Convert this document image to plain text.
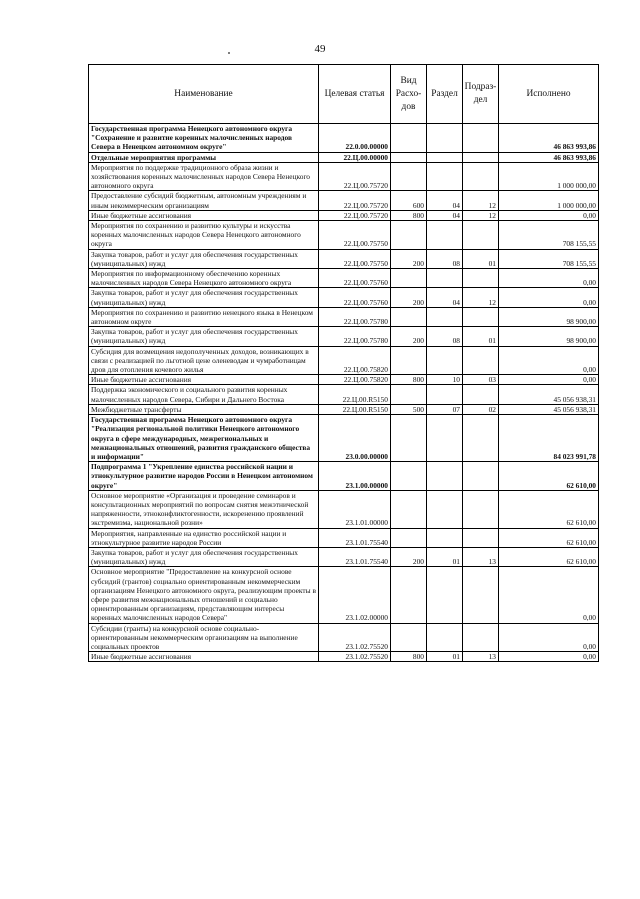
49
Наименование	Целевая статья	Вид Расхо-дов	Раздел	Подраз-дел	Исполнено
Государственная программа Ненецкого автономного округа "Сохранение и развитие коренных малочисленных народов Севера в Ненецком автономном округе"	22.0.00.00000				46 863 993,86
Отдельные мероприятия программы	22.Ц.00.00000				46 863 993,86
Мероприятия по поддержке традиционного образа жизни и хозяйствования коренных малочисленных народов Севера Ненецкого автономного округа	22.Ц.00.75720				1 000 000,00
Предоставление субсидий бюджетным, автономным учреждениям и иным некоммерческим организациям	22.Ц.00.75720	600	04	12	1 000 000,00
Иные бюджетные ассигнования	22.Ц.00.75720	800	04	12	0,00
Мероприятия по сохранению и развитию культуры и искусства коренных малочисленных народов Севера Ненецкого автономного округа	22.Ц.00.75750				708 155,55
Закупка товаров, работ и услуг для обеспечения государственных (муниципальных) нужд	22.Ц.00.75750	200	08	01	708 155,55
Мероприятия по информационному обеспечению коренных малочисленных народов Севера Ненецкого автономного округа	22.Ц.00.75760				0,00
Закупка товаров, работ и услуг для обеспечения государственных (муниципальных) нужд	22.Ц.00.75760	200	04	12	0,00
Мероприятия по сохранению и развитию ненецкого языка в Ненецком автономном округе	22.Ц.00.75780				98 900,00
Закупка товаров, работ и услуг для обеспечения государственных (муниципальных) нужд	22.Ц.00.75780	200	08	01	98 900,00
Субсидия для возмещения недополученных доходов, возникающих в связи с реализацией по льготной цене оленеводам и чумработницам дров для отопления кочевого жилья	22.Ц.00.75820				0,00
Иные бюджетные ассигнования	22.Ц.00.75820	800	10	03	0,00
Поддержка экономического и социального развития коренных малочисленных народов Севера, Сибири и Дальнего Востока	22.Ц.00.R5150				45 056 938,31
Межбюджетные трансферты	22.Ц.00.R5150	500	07	02	45 056 938,31
Государственная программа Ненецкого автономного округа "Реализация региональной политики Ненецкого автономного округа в сфере международных, межрегиональных и межнациональных отношений, развития гражданского общества и информации"	23.0.00.00000				84 023 991,78
Подпрограмма 1 "Укрепление единства российской нации и этнокультурное развитие народов России в Ненецком автономном округе"	23.1.00.00000				62 610,00
Основное мероприятие «Организация и проведение семинаров и консультационных мероприятий по вопросам снятия межэтнической напряженности, этноконфликтогенности, искоренению проявлений экстремизма, национальной розни»	23.1.01.00000				62 610,00
Мероприятия, направленные на единство российской нации и этнокультурное развитие народов России	23.1.01.75540				62 610,00
Закупка товаров, работ и услуг для обеспечения государственных (муниципальных) нужд	23.1.01.75540	200	01	13	62 610,00
Основное мероприятие "Предоставление на конкурсной основе субсидий (грантов) социально ориентированным некоммерческим организациям Ненецкого автономного округа, реализующим проекты в сфере развития межнациональных отношений и социально ориентированным организациям, представляющим интересы коренных малочисленных народов Севера"	23.1.02.00000				0,00
Субсидии (гранты) на конкурсной основе социально-ориентированным некоммерческим организациям на выполнение социальных проектов	23.1.02.75520				0,00
Иные бюджетные ассигнования	23.1.02.75520	800	01	13	0,00
